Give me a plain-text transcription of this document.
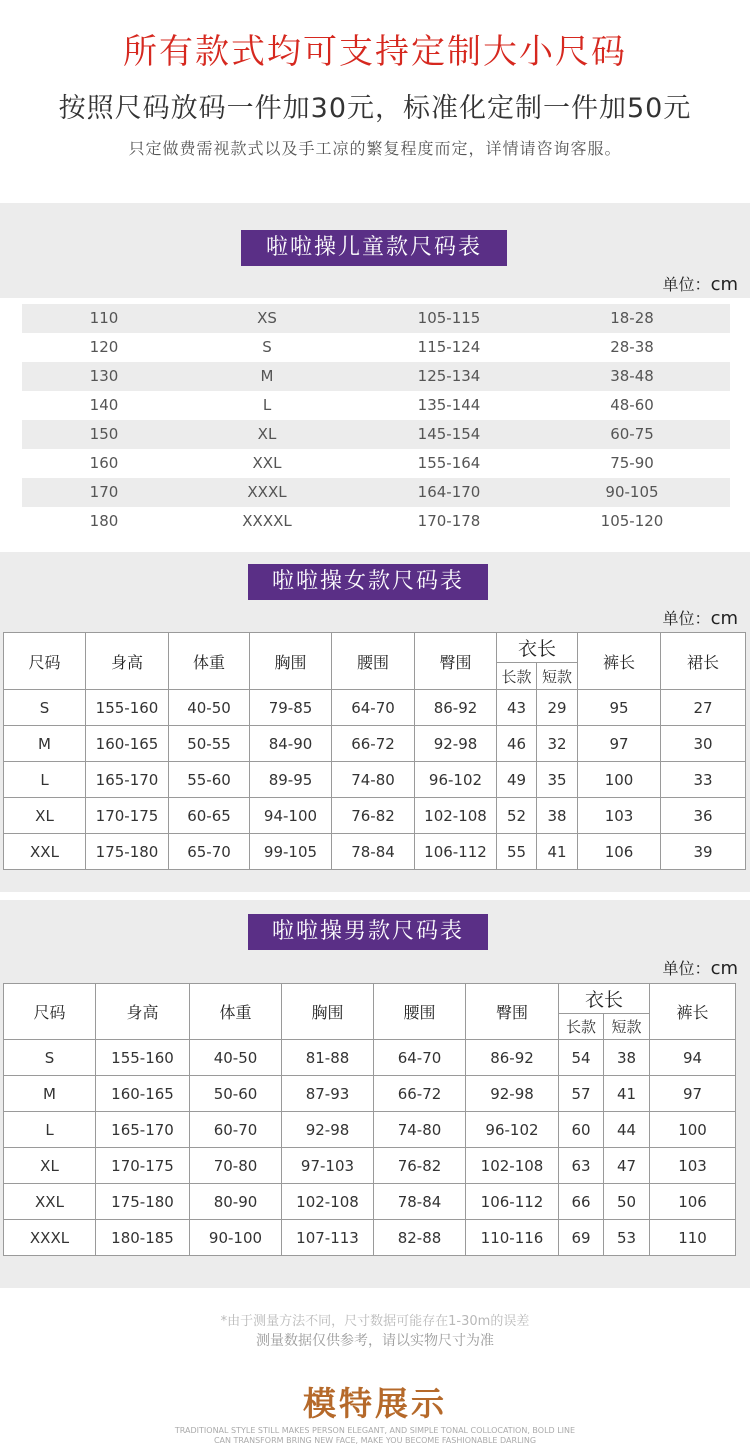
所有款式均可支持定制大小尺码
按照尺码放码一件加30元，标准化定制一件加50元
只定做费需视款式以及手工凉的繁复程度而定，详情请咨询客服。
啦啦操儿童款尺码表
单位：cm
110	XS	105-115	18-28
120	S	115-124	28-38
130	M	125-134	38-48
140	L	135-144	48-60
150	XL	145-154	60-75
160	XXL	155-164	75-90
170	XXXL	164-170	90-105
180	XXXXL	170-178	105-120
啦啦操女款尺码表
单位：cm
尺码	身高	体重	胸围	腰围	臀围	衣长		裤长	裙长
						长款	短款		
S	155-160	40-50	79-85	64-70	86-92	43	29	95	27
M	160-165	50-55	84-90	66-72	92-98	46	32	97	30
L	165-170	55-60	89-95	74-80	96-102	49	35	100	33
XL	170-175	60-65	94-100	76-82	102-108	52	38	103	36
XXL	175-180	65-70	99-105	78-84	106-112	55	41	106	39
啦啦操男款尺码表
单位：cm
尺码	身高	体重	胸围	腰围	臀围	衣长		裤长
						长款	短款	
S	155-160	40-50	81-88	64-70	86-92	54	38	94
M	160-165	50-60	87-93	66-72	92-98	57	41	97
L	165-170	60-70	92-98	74-80	96-102	60	44	100
XL	170-175	70-80	97-103	76-82	102-108	63	47	103
XXL	175-180	80-90	102-108	78-84	106-112	66	50	106
XXXL	180-185	90-100	107-113	82-88	110-116	69	53	110
*由于测量方法不同，尺寸数据可能存在1-30m的误差
测量数据仅供参考，请以实物尺寸为准
模特展示
TRADITIONAL STYLE STILL MAKES PERSON ELEGANT, AND SIMPLE TONAL COLLOCATION, BOLD LINE
CAN TRANSFORM BRING NEW FACE, MAKE YOU BECOME FASHIONABLE DARLING
